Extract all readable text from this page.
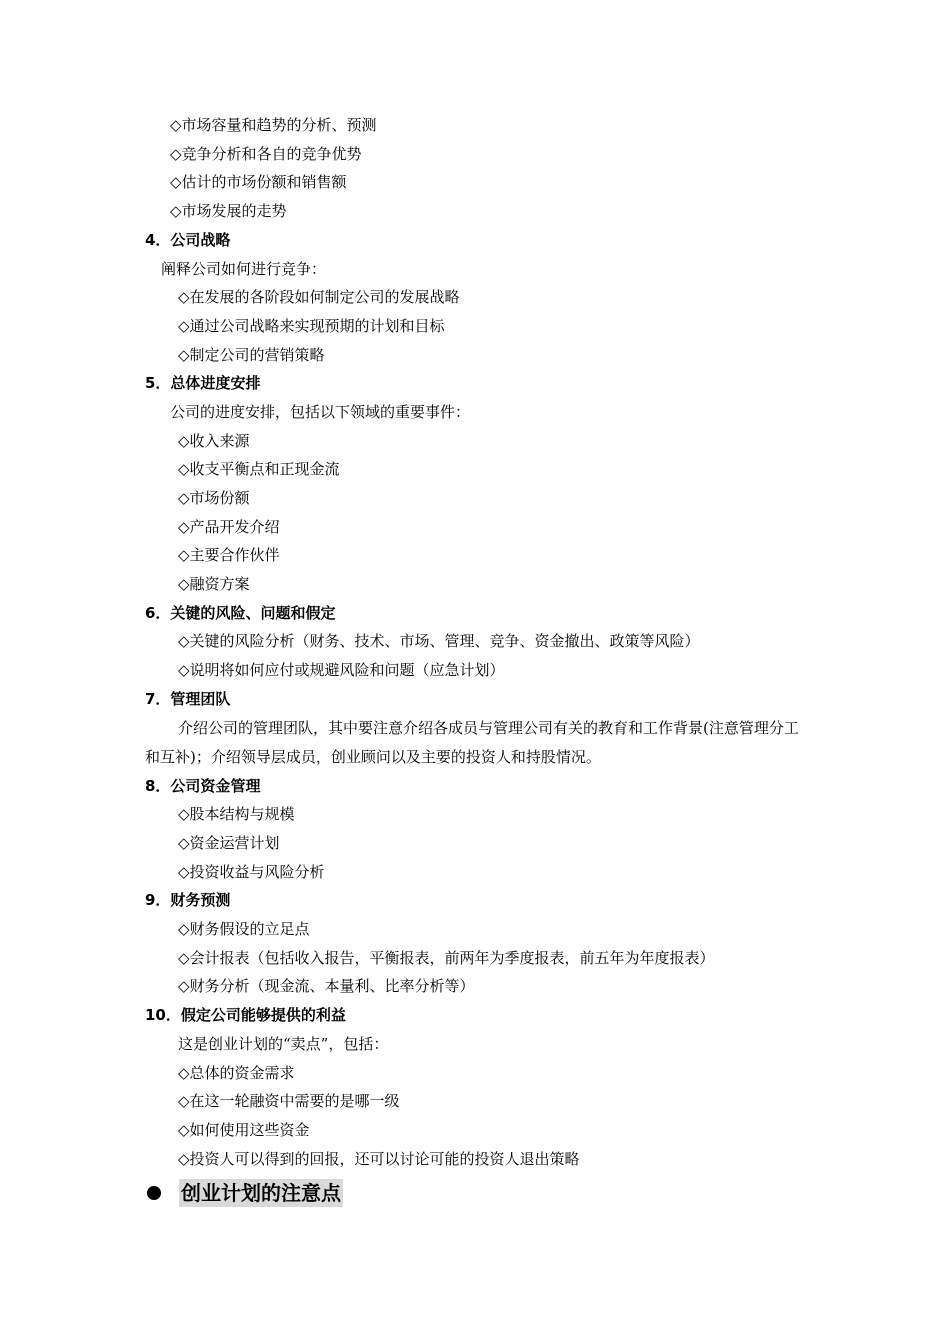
◇市场容量和趋势的分析、预测
◇竞争分析和各自的竞争优势
◇估计的市场份额和销售额
◇市场发展的走势
4．公司战略
阐释公司如何进行竞争：
◇在发展的各阶段如何制定公司的发展战略
◇通过公司战略来实现预期的计划和目标
◇制定公司的营销策略
5．总体进度安排
公司的进度安排，包括以下领域的重要事件：
◇收入来源
◇收支平衡点和正现金流
◇市场份额
◇产品开发介绍
◇主要合作伙伴
◇融资方案
6．关键的风险、问题和假定
◇关键的风险分析（财务、技术、市场、管理、竞争、资金撤出、政策等风险）
◇说明将如何应付或规避风险和问题（应急计划）
7．管理团队
介绍公司的管理团队，其中要注意介绍各成员与管理公司有关的教育和工作背景(注意管理分工和互补)；介绍领导层成员，创业顾问以及主要的投资人和持股情况。
8．公司资金管理
◇股本结构与规模
◇资金运营计划
◇投资收益与风险分析
9．财务预测
◇财务假设的立足点
◇会计报表（包括收入报告，平衡报表，前两年为季度报表，前五年为年度报表）
◇财务分析（现金流、本量利、比率分析等）
10．假定公司能够提供的利益
这是创业计划的“卖点”，包括：
◇总体的资金需求
◇在这一轮融资中需要的是哪一级
◇如何使用这些资金
◇投资人可以得到的回报，还可以讨论可能的投资人退出策略
创业计划的注意点
